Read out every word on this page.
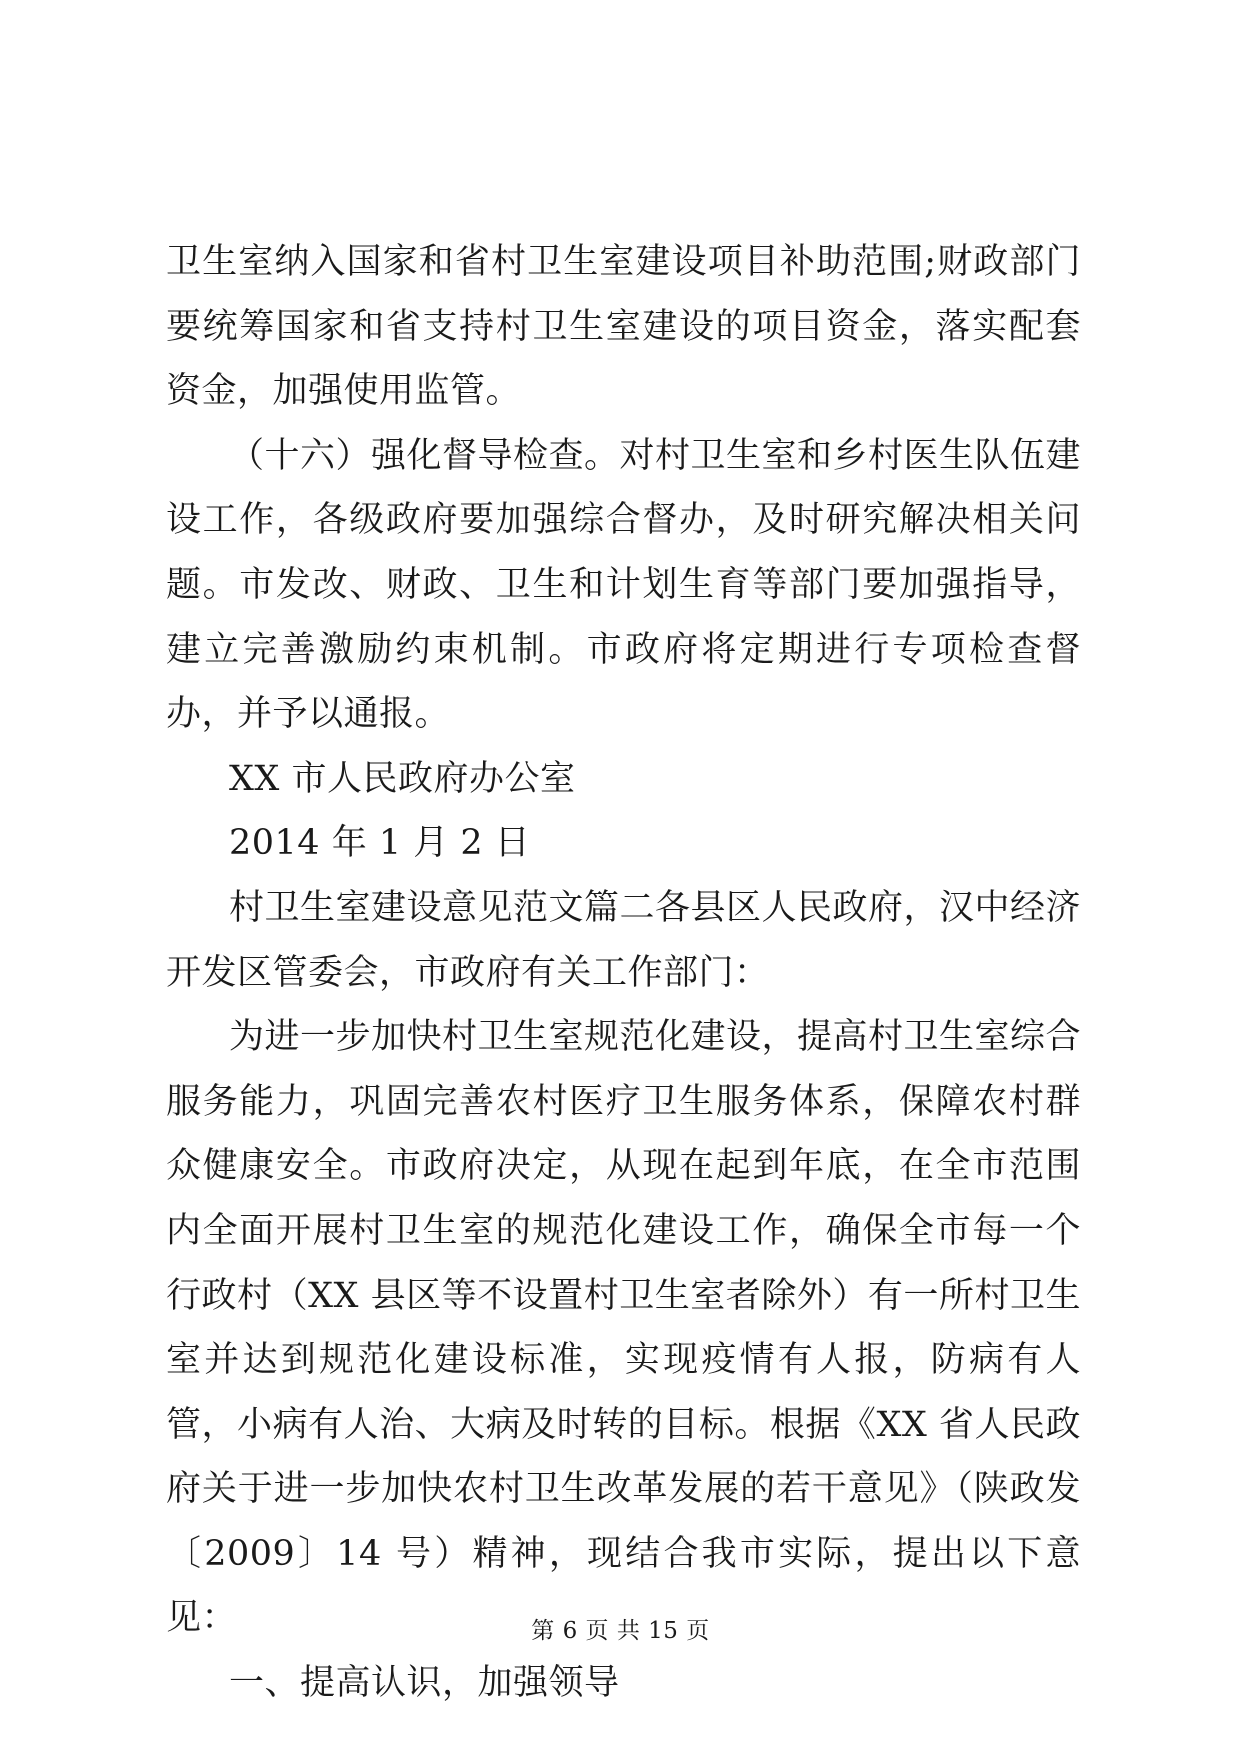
卫生室纳入国家和省村卫生室建设项目补助范围;财政部门要统筹国家和省支持村卫生室建设的项目资金，落实配套资金，加强使用监管。

（十六）强化督导检查。对村卫生室和乡村医生队伍建设工作，各级政府要加强综合督办，及时研究解决相关问题。市发改、财政、卫生和计划生育等部门要加强指导，建立完善激励约束机制。市政府将定期进行专项检查督办，并予以通报。

XX 市人民政府办公室

2014 年 1 月 2 日

村卫生室建设意见范文篇二各县区人民政府，汉中经济开发区管委会，市政府有关工作部门：

为进一步加快村卫生室规范化建设，提高村卫生室综合服务能力，巩固完善农村医疗卫生服务体系，保障农村群众健康安全。市政府决定，从现在起到年底，在全市范围内全面开展村卫生室的规范化建设工作，确保全市每一个行政村（XX 县区等不设置村卫生室者除外）有一所村卫生室并达到规范化建设标准，实现疫情有人报，防病有人管，小病有人治、大病及时转的目标。根据《XX 省人民政府关于进一步加快农村卫生改革发展的若干意见》（陕政发〔2009〕14 号）精神，现结合我市实际，提出以下意见：

一、提高认识，加强领导

第 6 页 共 15 页
